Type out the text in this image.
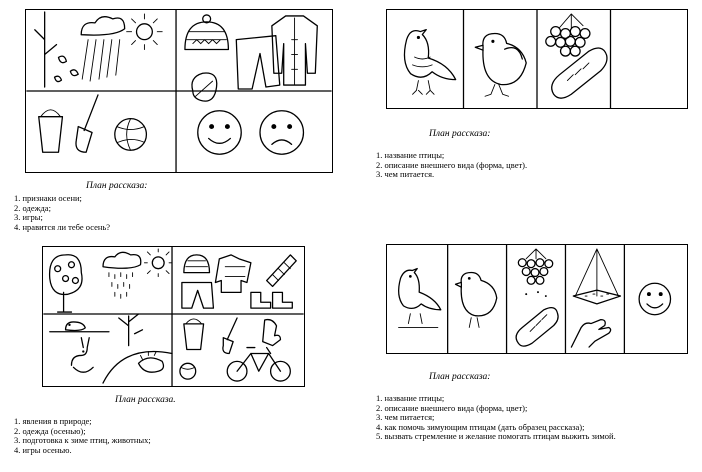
План рассказа:
1. признаки осени;
2. одежда;
3. игры;
4. нравится ли тебе осень?
План рассказа:
1. название птицы;
2. описание внешнего вида (форма, цвет).
3. чем питается.
План рассказа.
1. явления в природе;
2. одежда (осенью);
3. подготовка к зиме птиц, животных;
4. игры осенью.
План рассказа:
1. название птицы;
2. описание внешнего вида (форма, цвет);
3. чем питается;
4. как помочь зимующим птицам (дать образец рассказа);
5. вызвать стремление и желание помогать птицам выжить зимой.
